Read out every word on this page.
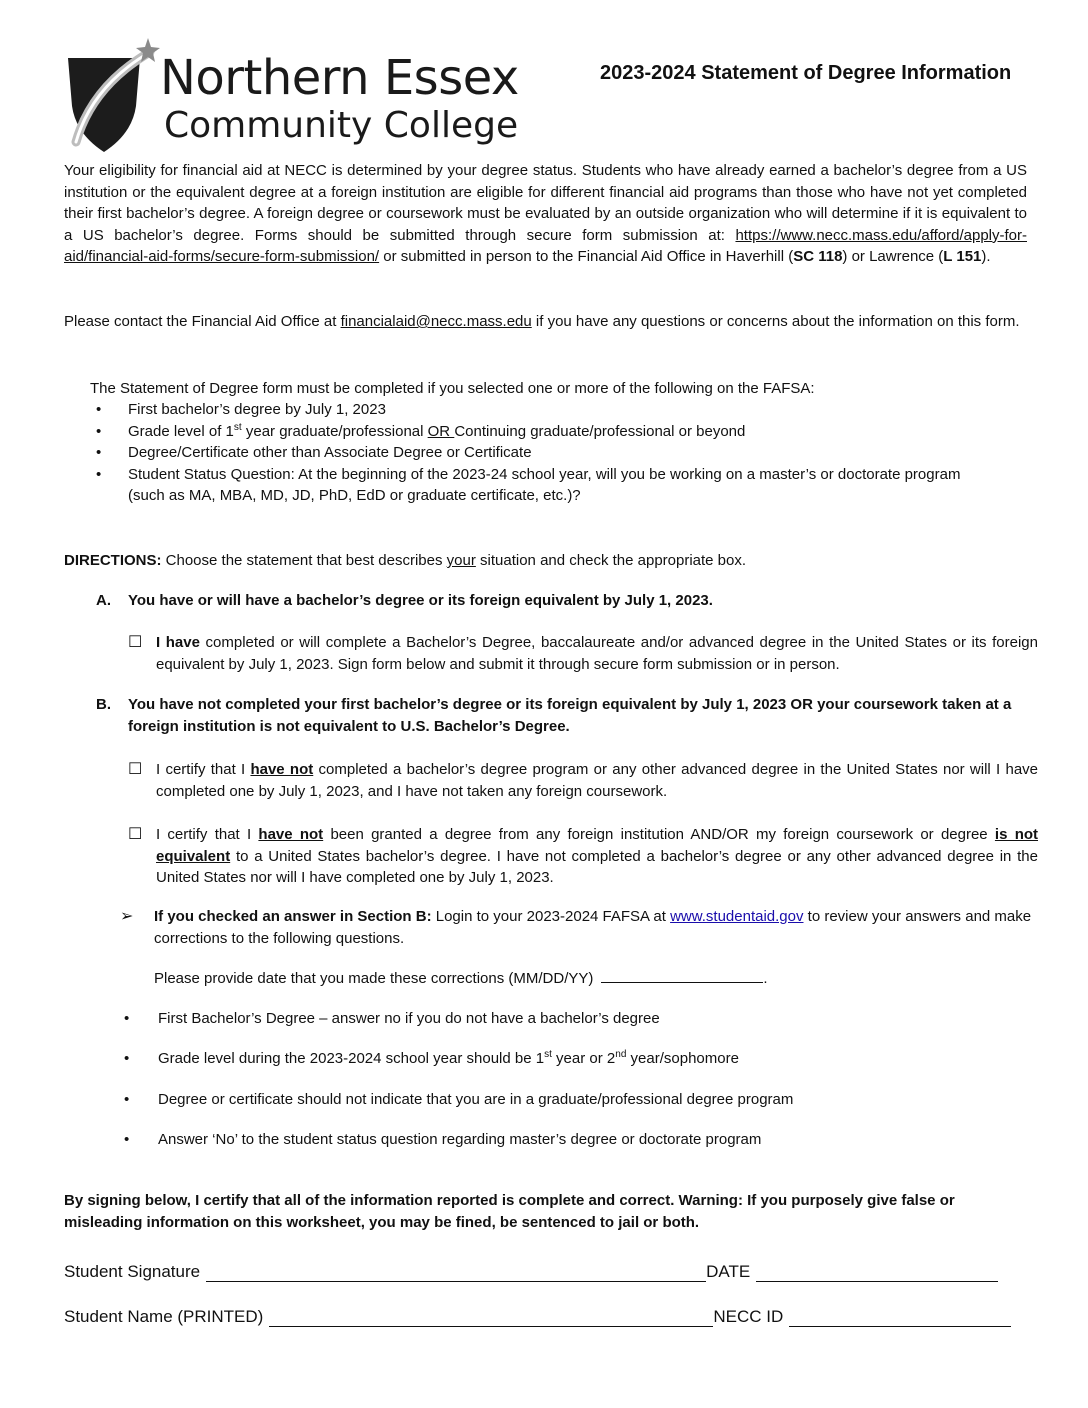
Northern Essex
Community College
2023-2024 Statement of Degree Information
Your eligibility for financial aid at NECC is determined by your degree status. Students who have already earned a bachelor’s degree from a US institution or the equivalent degree at a foreign institution are eligible for different financial aid programs than those who have not yet completed their first bachelor’s degree. A foreign degree or coursework must be evaluated by an outside organization who will determine if it is equivalent to a US bachelor’s degree. Forms should be submitted through secure form submission at: https://www.necc.mass.edu/afford/apply-for-aid/financial-aid-forms/secure-form-submission/ or submitted in person to the Financial Aid Office in Haverhill (SC 118) or Lawrence (L 151).
Please contact the Financial Aid Office at financialaid@necc.mass.edu if you have any questions or concerns about the information on this form.
The Statement of Degree form must be completed if you selected one or more of the following on the FAFSA:
• First bachelor’s degree by July 1, 2023
• Grade level of 1st year graduate/professional OR Continuing graduate/professional or beyond
• Degree/Certificate other than Associate Degree or Certificate
• Student Status Question: At the beginning of the 2023-24 school year, will you be working on a master’s or doctorate program (such as MA, MBA, MD, JD, PhD, EdD or graduate certificate, etc.)?
DIRECTIONS: Choose the statement that best describes your situation and check the appropriate box.
A.	You have or will have a bachelor’s degree or its foreign equivalent by July 1, 2023.
☐ I have completed or will complete a Bachelor’s Degree, baccalaureate and/or advanced degree in the United States or its foreign equivalent by July 1, 2023. Sign form below and submit it through secure form submission or in person.
B.	You have not completed your first bachelor’s degree or its foreign equivalent by July 1, 2023 OR your coursework taken at a foreign institution is not equivalent to U.S. Bachelor’s Degree.
☐ I certify that I have not completed a bachelor’s degree program or any other advanced degree in the United States nor will I have completed one by July 1, 2023, and I have not taken any foreign coursework.
☐ I certify that I have not been granted a degree from any foreign institution AND/OR my foreign coursework or degree is not equivalent to a United States bachelor’s degree. I have not completed a bachelor’s degree or any other advanced degree in the United States nor will I have completed one by July 1, 2023.
➢	If you checked an answer in Section B: Login to your 2023-2024 FAFSA at www.studentaid.gov to review your answers and make corrections to the following questions.
Please provide date that you made these corrections (MM/DD/YY)	.
•	First Bachelor’s Degree – answer no if you do not have a bachelor’s degree
•	Grade level during the 2023-2024 school year should be 1st year or 2nd year/sophomore
•	Degree or certificate should not indicate that you are in a graduate/professional degree program
•	Answer ‘No’ to the student status question regarding master’s degree or doctorate program
By signing below, I certify that all of the information reported is complete and correct. Warning: If you purposely give false or misleading information on this worksheet, you may be fined, be sentenced to jail or both.
Student Signature	DATE
Student Name (PRINTED)	NECC ID
